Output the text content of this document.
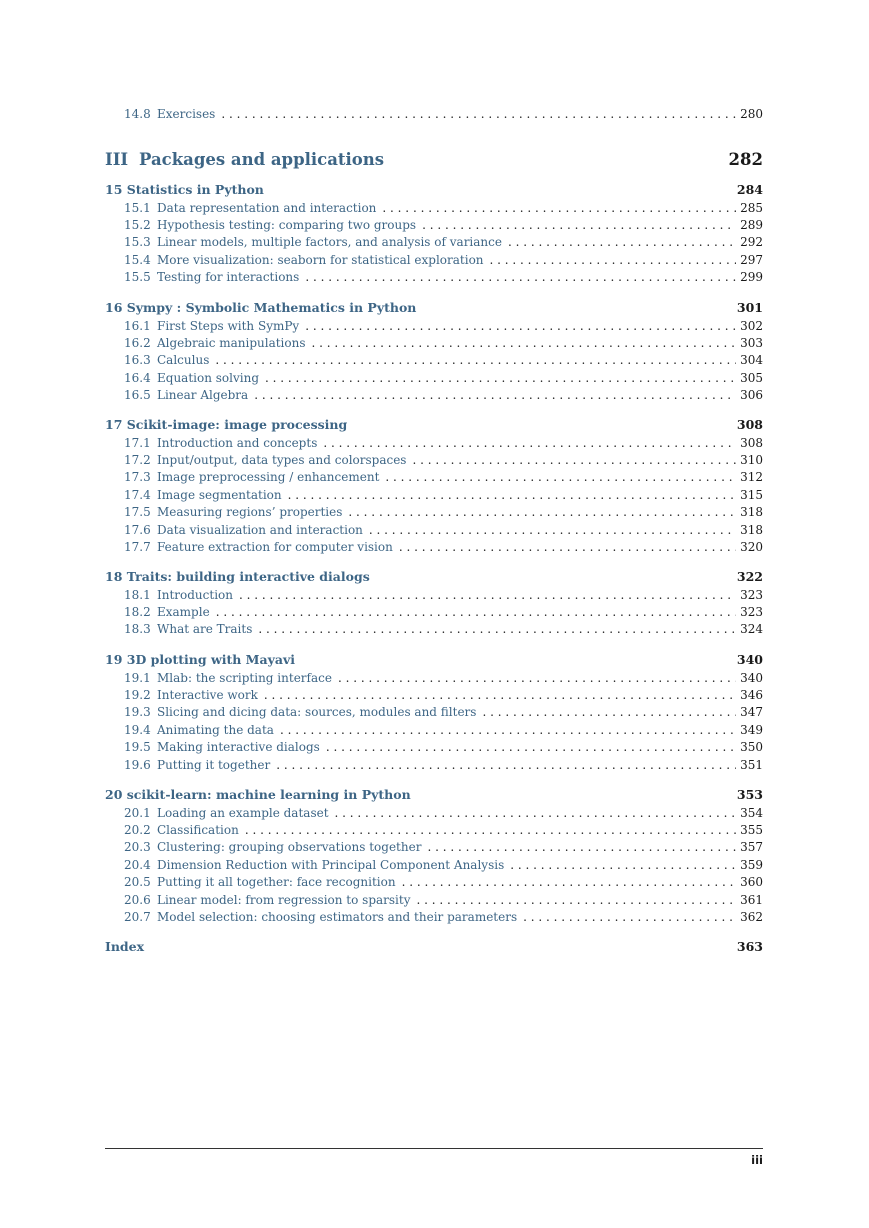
14.8 Exercises . . .	280
III Packages and applications	282
15 Statistics in Python	284
15.1 Data representation and interaction . . .	285
15.2 Hypothesis testing: comparing two groups . . .	289
15.3 Linear models, multiple factors, and analysis of variance . . .	292
15.4 More visualization: seaborn for statistical exploration . . .	297
15.5 Testing for interactions . . .	299
16 Sympy : Symbolic Mathematics in Python	301
16.1 First Steps with SymPy . . .	302
16.2 Algebraic manipulations . . .	303
16.3 Calculus . . .	304
16.4 Equation solving . . .	305
16.5 Linear Algebra . . .	306
17 Scikit-image: image processing	308
17.1 Introduction and concepts . . .	308
17.2 Input/output, data types and colorspaces . . .	310
17.3 Image preprocessing / enhancement . . .	312
17.4 Image segmentation . . .	315
17.5 Measuring regions’ properties . . .	318
17.6 Data visualization and interaction . . .	318
17.7 Feature extraction for computer vision . . .	320
18 Traits: building interactive dialogs	322
18.1 Introduction . . .	323
18.2 Example . . .	323
18.3 What are Traits . . .	324
19 3D plotting with Mayavi	340
19.1 Mlab: the scripting interface . . .	340
19.2 Interactive work . . .	346
19.3 Slicing and dicing data: sources, modules and filters . . .	347
19.4 Animating the data . . .	349
19.5 Making interactive dialogs . . .	350
19.6 Putting it together . . .	351
20 scikit-learn: machine learning in Python	353
20.1 Loading an example dataset . . .	354
20.2 Classification . . .	355
20.3 Clustering: grouping observations together . . .	357
20.4 Dimension Reduction with Principal Component Analysis . . .	359
20.5 Putting it all together: face recognition . . .	360
20.6 Linear model: from regression to sparsity . . .	361
20.7 Model selection: choosing estimators and their parameters . . .	362
Index	363
iii
